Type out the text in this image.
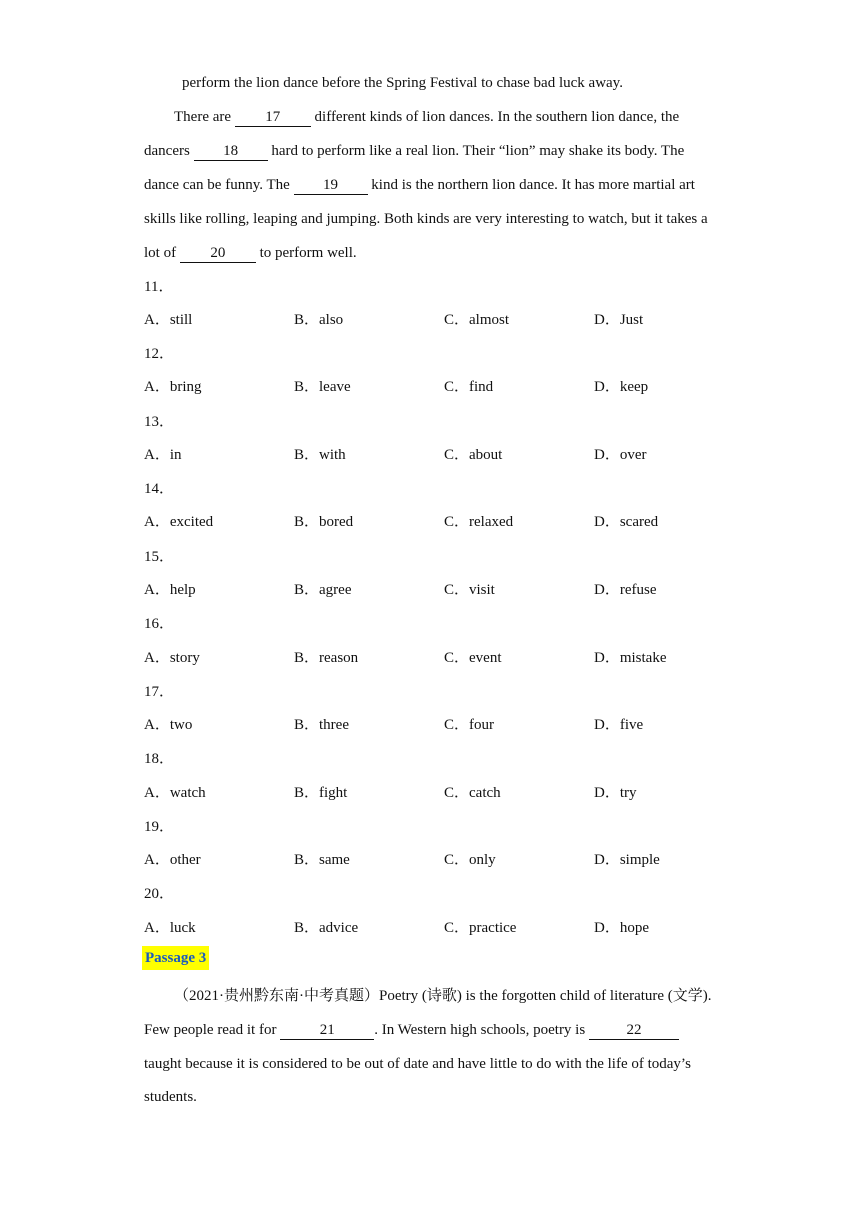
perform the lion dance before the Spring Festival to chase bad luck away.
There are 17 different kinds of lion dances. In the southern lion dance, the
dancers 18 hard to perform like a real lion. Their “lion” may shake its body. The
dance can be funny. The 19 kind is the northern lion dance. It has more martial art
skills like rolling, leaping and jumping. Both kinds are very interesting to watch, but it takes a
lot of 20 to perform well.
11．
A．still	B．also	C．almost	D．Just
12．
A．bring	B．leave	C．find	D．keep
13．
A．in	B．with	C．about	D．over
14．
A．excited	B．bored	C．relaxed	D．scared
15．
A．help	B．agree	C．visit	D．refuse
16．
A．story	B．reason	C．event	D．mistake
17．
A．two	B．three	C．four	D．five
18．
A．watch	B．fight	C．catch	D．try
19．
A．other	B．same	C．only	D．simple
20．
A．luck	B．advice	C．practice	D．hope
Passage 3
（2021·贵州黔东南·中考真题）Poetry (诗歌) is the forgotten child of literature (文学).
Few people read it for	21	. In Western high schools, poetry is	22
taught because it is considered to be out of date and have little to do with the life of today’s
students.
